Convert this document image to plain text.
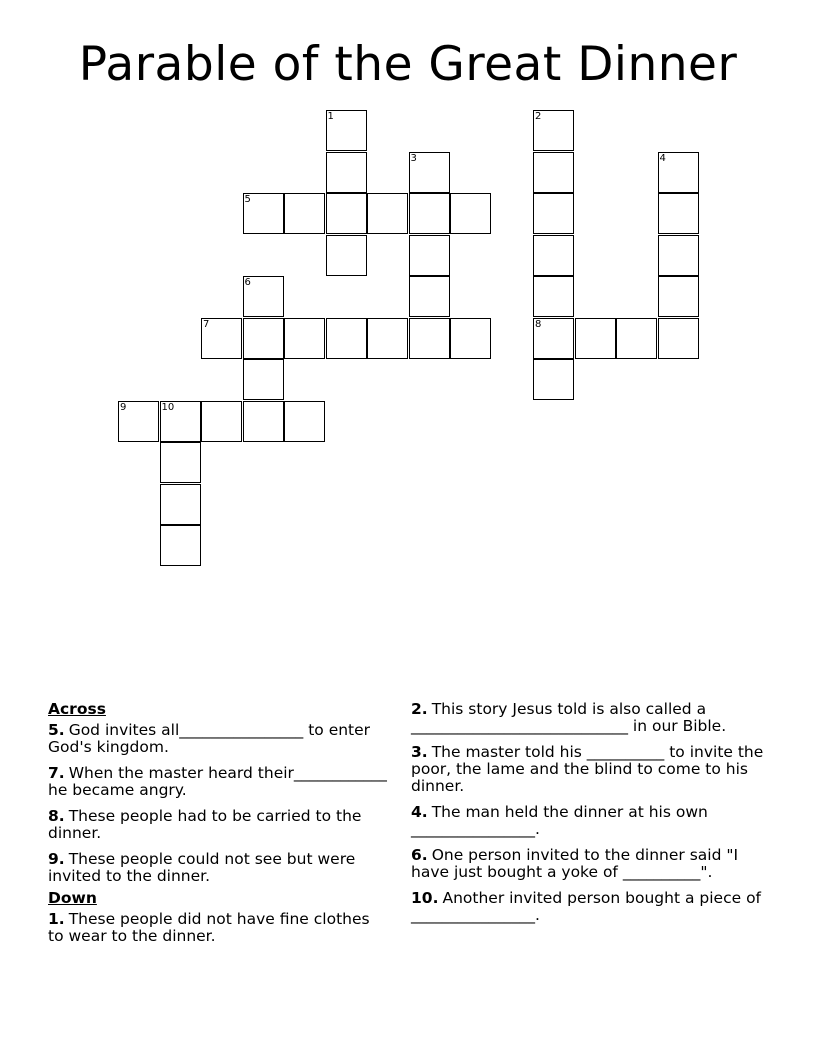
Parable of the Great Dinner
1	2
3	4
5
6
7	8
9	10
Across
5. God invites all________________ to enter God's kingdom.
7. When the master heard their____________ he became angry.
8. These people had to be carried to the dinner.
9. These people could not see but were invited to the dinner.
Down
1. These people did not have fine clothes to wear to the dinner.
2. This story Jesus told is also called a ____________________________ in our Bible.
3. The master told his __________ to invite the poor, the lame and the blind to come to his dinner.
4. The man held the dinner at his own ________________.
6. One person invited to the dinner said "I have just bought a yoke of __________".
10. Another invited person bought a piece of ________________.
